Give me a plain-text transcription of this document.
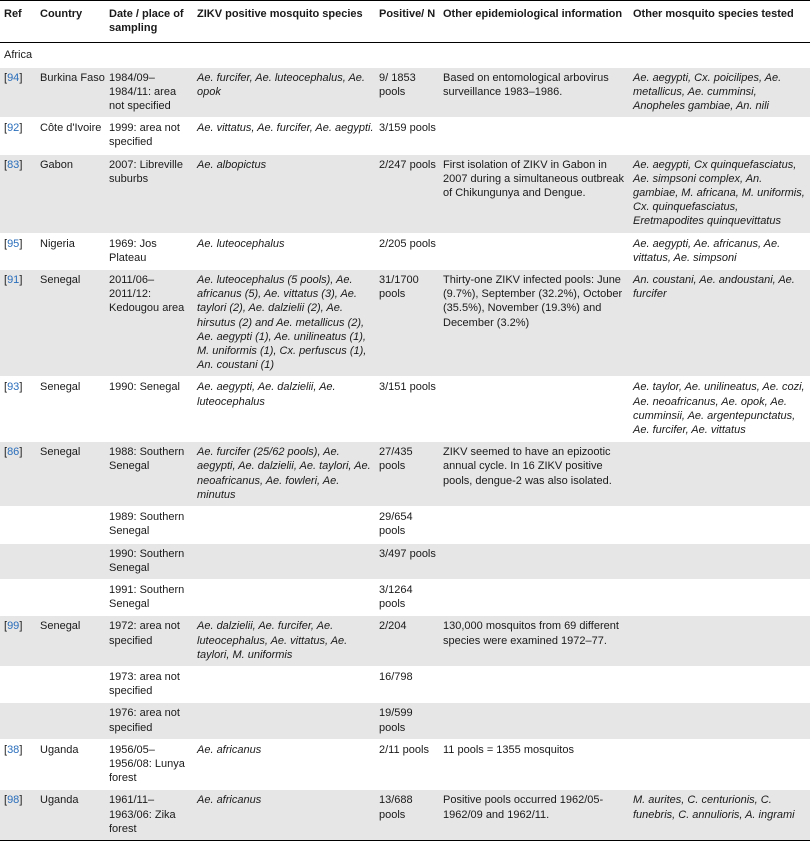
Ref	Country	Date / place of sampling	ZIKV positive mosquito species	Positive/ N	Other epidemiological information	Other mosquito species tested
Africa						
[94]	Burkina Faso	1984/09–1984/11: area not specified	Ae. furcifer, Ae. luteocephalus, Ae. opok	9/ 1853 pools	Based on entomological arbovirus surveillance 1983–1986.	Ae. aegypti, Cx. poicilipes, Ae. metallicus, Ae. cumminsi, Anopheles gambiae, An. nili
[92]	Côte d'Ivoire	1999: area not specified	Ae. vittatus, Ae. furcifer, Ae. aegypti.	3/159 pools		
[83]	Gabon	2007: Libreville suburbs	Ae. albopictus	2/247 pools	First isolation of ZIKV in Gabon in 2007 during a simultaneous outbreak of Chikungunya and Dengue.	Ae. aegypti, Cx quinquefasciatus, Ae. simpsoni complex, An. gambiae, M. africana, M. uniformis, Cx. quinquefasciatus, Eretmapodites quinquevittatus
[95]	Nigeria	1969: Jos Plateau	Ae. luteocephalus	2/205 pools		Ae. aegypti, Ae. africanus, Ae. vittatus, Ae. simpsoni
[91]	Senegal	2011/06–2011/12: Kedougou area	Ae. luteocephalus (5 pools), Ae. africanus (5), Ae. vittatus (3), Ae. taylori (2), Ae. dalzielii (2), Ae. hirsutus (2) and Ae. metallicus (2), Ae. aegypti (1), Ae. unilineatus (1), M. uniformis (1), Cx. perfuscus (1), An. coustani (1)	31/1700 pools	Thirty-one ZIKV infected pools: June (9.7%), September (32.2%), October (35.5%), November (19.3%) and December (3.2%)	An. coustani, Ae. andoustani, Ae. furcifer
[93]	Senegal	1990: Senegal	Ae. aegypti, Ae. dalzielii, Ae. luteocephalus	3/151 pools		Ae. taylor, Ae. unilineatus, Ae. cozi, Ae. neoafricanus, Ae. opok, Ae. cumminsii, Ae. argentepunctatus, Ae. furcifer, Ae. vittatus
[86]	Senegal	1988: Southern Senegal	Ae. furcifer (25/62 pools), Ae. aegypti, Ae. dalzielii, Ae. taylori, Ae. neoafricanus, Ae. fowleri, Ae. minutus	27/435 pools	ZIKV seemed to have an epizootic annual cycle. In 16 ZIKV positive pools, dengue-2 was also isolated.	
		1989: Southern Senegal		29/654 pools		
		1990: Southern Senegal		3/497 pools		
		1991: Southern Senegal		3/1264 pools		
[99]	Senegal	1972: area not specified	Ae. dalzielii, Ae. furcifer, Ae. luteocephalus, Ae. vittatus, Ae. taylori, M. uniformis	2/204	130,000 mosquitos from 69 different species were examined 1972–77.	
		1973: area not specified		16/798		
		1976: area not specified		19/599 pools		
[38]	Uganda	1956/05–1956/08: Lunya forest	Ae. africanus	2/11 pools	11 pools = 1355 mosquitos	
[98]	Uganda	1961/11–1963/06: Zika forest	Ae. africanus	13/688 pools	Positive pools occurred 1962/05-1962/09 and 1962/11.	M. aurites, C. centurionis, C. funebris, C. annulioris, A. ingrami
